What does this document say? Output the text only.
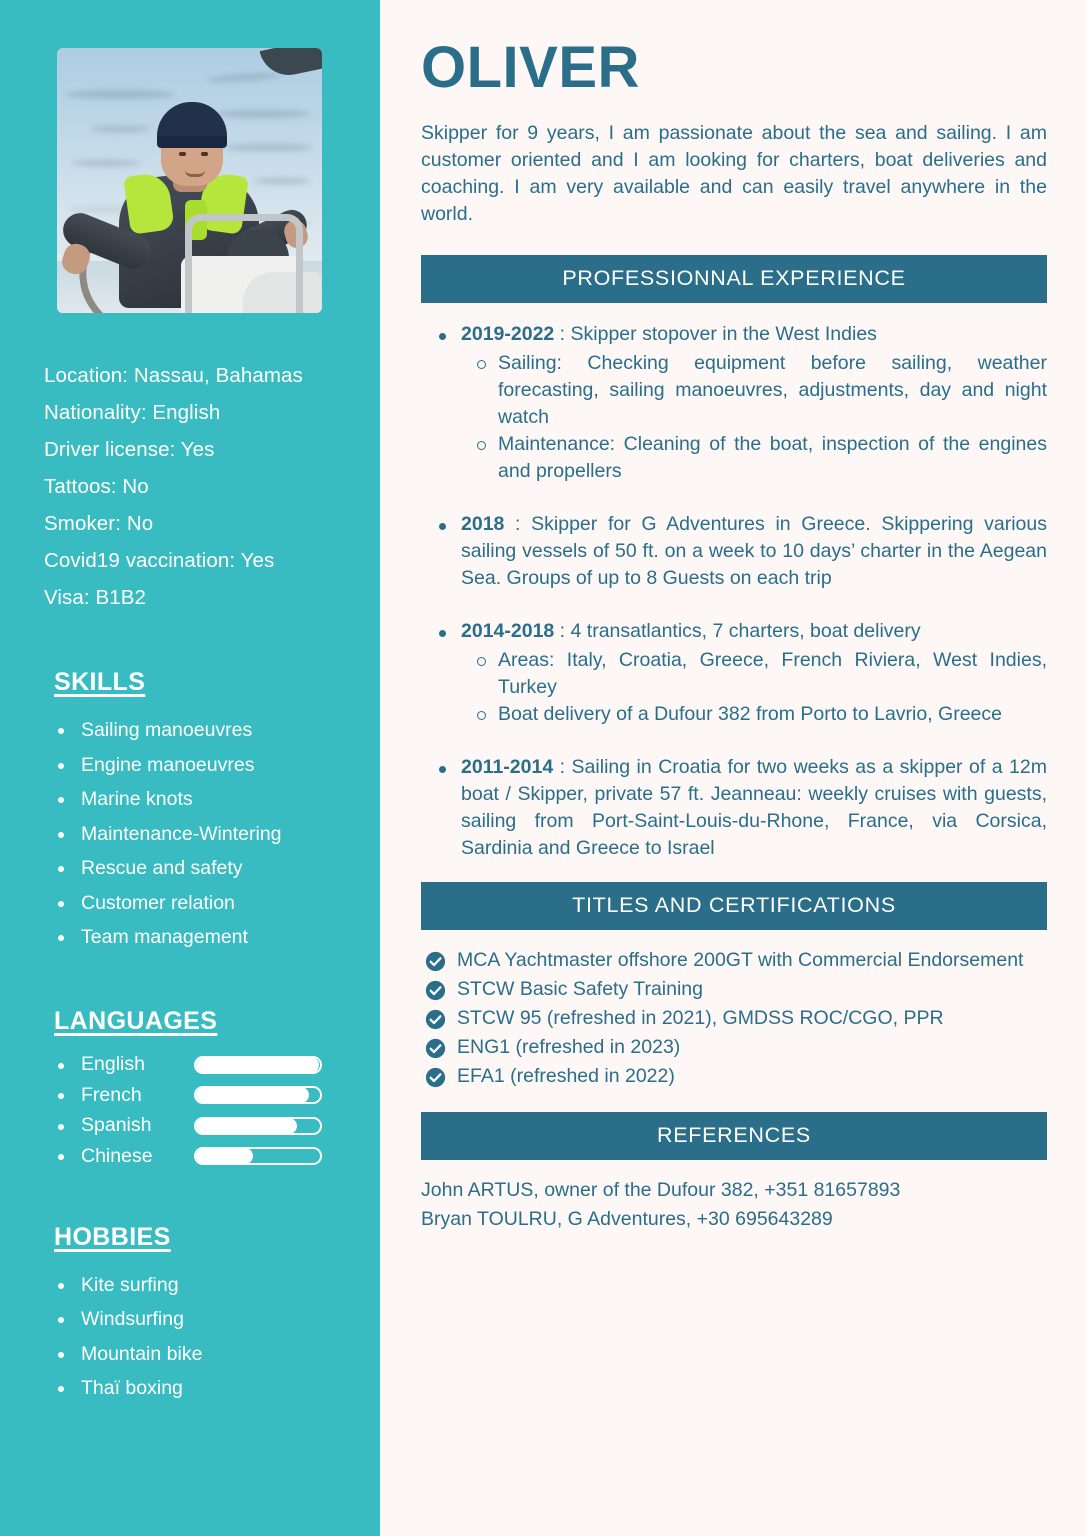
Location: Nassau, Bahamas
Nationality: English
Driver license: Yes
Tattoos: No
Smoker: No
Covid19 vaccination: Yes
Visa: B1B2
SKILLS
Sailing manoeuvres
Engine manoeuvres
Marine knots
Maintenance-Wintering
Rescue and safety
Customer relation
Team management
LANGUAGES
English
French
Spanish
Chinese
HOBBIES
Kite surfing
Windsurfing
Mountain bike
Thaï boxing
OLIVER

Skipper for 9 years, I am passionate about the sea and sailing. I am customer oriented and I am looking for charters, boat deliveries and coaching. I am very available and can easily travel anywhere in the world.

PROFESSIONNAL EXPERIENCE
2019-2022 : Skipper stopover in the West Indies
Sailing: Checking equipment before sailing, weather forecasting, sailing manoeuvres, adjustments, day and night watch
Maintenance: Cleaning of the boat, inspection of the engines and propellers
2018 : Skipper for G Adventures in Greece. Skippering various sailing vessels of 50 ft. on a week to 10 days’ charter in the Aegean Sea. Groups of up to 8 Guests on each trip
2014-2018 : 4 transatlantics, 7 charters, boat delivery
Areas: Italy, Croatia, Greece, French Riviera, West Indies, Turkey
Boat delivery of a Dufour 382 from Porto to Lavrio, Greece
2011-2014 : Sailing in Croatia for two weeks as a skipper of a 12m boat / Skipper, private 57 ft. Jeanneau: weekly cruises with guests, sailing from Port-Saint-Louis-du-Rhone, France, via Corsica, Sardinia and Greece to Israel
TITLES AND CERTIFICATIONS
MCA Yachtmaster offshore 200GT with Commercial Endorsement
STCW Basic Safety Training
STCW 95 (refreshed in 2021), GMDSS ROC/CGO, PPR
ENG1 (refreshed in 2023)
EFA1 (refreshed in 2022)
REFERENCES
John ARTUS, owner of the Dufour 382, +351 81657893
Bryan TOULRU, G Adventures, +30 695643289
